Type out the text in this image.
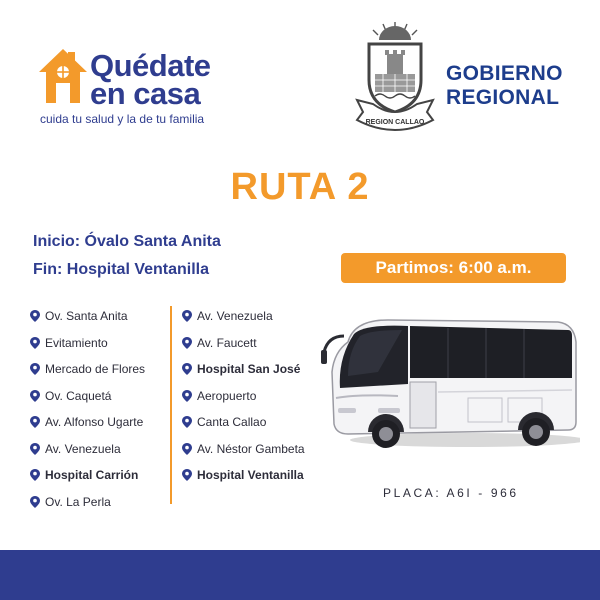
Quédate
en casa
cuida tu salud y la de tu familia	REGION CALLAO
GOBIERNO
REGIONAL
RUTA 2
Inicio: Óvalo Santa Anita
Fin: Hospital Ventanilla	Partimos: 6:00 a.m.
Ov. Santa Anita
Evitamiento
Mercado de Flores
Ov. Caquetá
Av. Alfonso Ugarte
Av. Venezuela
Hospital Carrión
Ov. La Perla
Av. Venezuela
Av. Faucett
Hospital San José
Aeropuerto
Canta Callao
Av. Néstor Gambeta
Hospital Ventanilla
PLACA: A6I - 966
